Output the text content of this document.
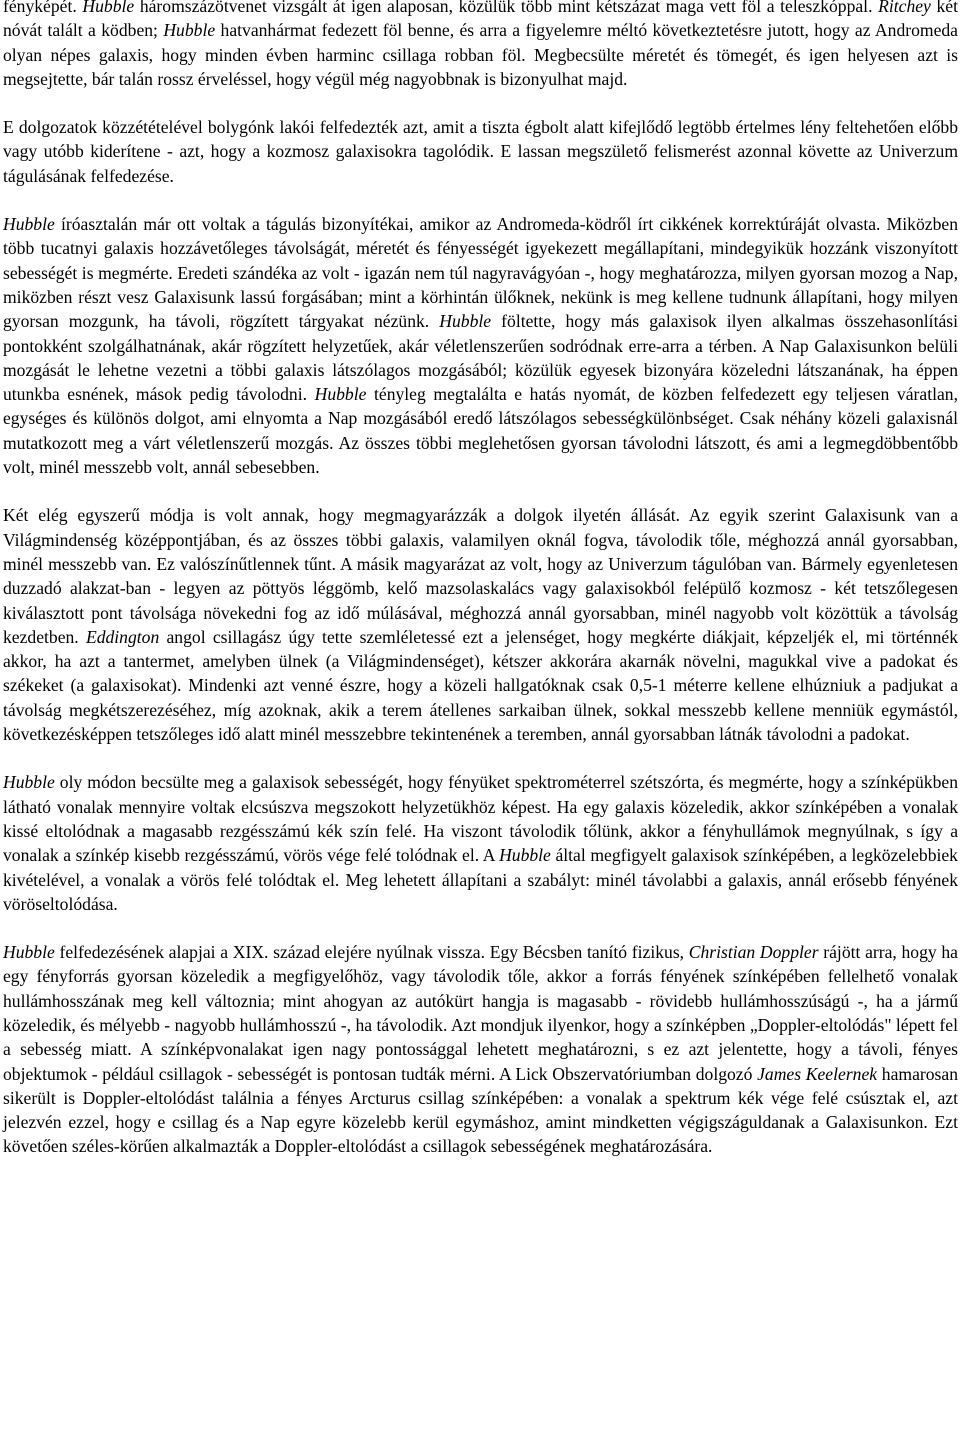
fényképét. Hubble háromszázötvenet vizsgált át igen alaposan, közülük több mint kétszázat maga vett föl a teleszkóppal. Ritchey két nóvát talált a ködben; Hubble hatvanhármat fedezett föl benne, és arra a figyelemre méltó következtetésre jutott, hogy az Andromeda olyan népes galaxis, hogy minden évben harminc csillaga robban föl. Megbecsülte méretét és tömegét, és igen helyesen azt is megsejtette, bár talán rossz érveléssel, hogy végül még nagyobbnak is bizonyulhat majd.

E dolgozatok közzétételével bolygónk lakói felfedezték azt, amit a tiszta égbolt alatt kifejlődő legtöbb értelmes lény feltehetően előbb vagy utóbb kiderítene - azt, hogy a kozmosz galaxisokra tagolódik. E lassan megszülető felismerést azonnal követte az Univerzum tágulásának felfedezése.

Hubble íróasztalán már ott voltak a tágulás bizonyítékai, amikor az Andromeda-ködről írt cikkének korrektúráját olvasta. Miközben több tucatnyi galaxis hozzávetőleges távolságát, méretét és fényességét igyekezett megállapítani, mindegyikük hozzánk viszonyított sebességét is megmérte. Eredeti szándéka az volt - igazán nem túl nagyravágyóan -, hogy meghatározza, milyen gyorsan mozog a Nap, miközben részt vesz Galaxisunk lassú forgásában; mint a körhintán ülőknek, nekünk is meg kellene tudnunk állapítani, hogy milyen gyorsan mozgunk, ha távoli, rögzített tárgyakat nézünk. Hubble föltette, hogy más galaxisok ilyen alkalmas összehasonlítási pontokként szolgálhatnának, akár rögzített helyzetűek, akár véletlenszerűen sodródnak erre-arra a térben. A Nap Galaxisunkon belüli mozgását le lehetne vezetni a többi galaxis látszólagos mozgásából; közülük egyesek bizonyára közeledni látszanának, ha éppen utunkba esnének, mások pedig távolodni. Hubble tényleg megtalálta e hatás nyomát, de közben felfedezett egy teljesen váratlan, egységes és különös dolgot, ami elnyomta a Nap mozgásából eredő látszólagos sebességkülönbséget. Csak néhány közeli galaxisnál mutatkozott meg a várt véletlenszerű mozgás. Az összes többi meglehetősen gyorsan távolodni látszott, és ami a legmegdöbbentőbb volt, minél messzebb volt, annál sebesebben.

Két elég egyszerű módja is volt annak, hogy megmagyarázzák a dolgok ilyetén állását. Az egyik szerint Galaxisunk van a Világmindenség középpontjában, és az összes többi galaxis, valamilyen oknál fogva, távolodik tőle, méghozzá annál gyorsabban, minél messzebb van. Ez valószínűtlennek tűnt. A másik magyarázat az volt, hogy az Univerzum tágulóban van. Bármely egyenletesen duzzadó alakzat-ban - legyen az pöttyös léggömb, kelő mazsolaskalács vagy galaxisokból felépülő kozmosz - két tetszőlegesen kiválasztott pont távolsága növekedni fog az idő múlásával, méghozzá annál gyorsabban, minél nagyobb volt közöttük a távolság kezdetben. Eddington angol csillagász úgy tette szemléletessé ezt a jelenséget, hogy megkérte diákjait, képzeljék el, mi történnék akkor, ha azt a tantermet, amelyben ülnek (a Világmindenséget), kétszer akkorára akarnák növelni, magukkal vive a padokat és székeket (a galaxisokat). Mindenki azt venné észre, hogy a közeli hallgatóknak csak 0,5-1 méterre kellene elhúzniuk a padjukat a távolság megkétszerezéséhez, míg azoknak, akik a terem átellenes sarkaiban ülnek, sokkal messzebb kellene menniük egymástól, következésképpen tetszőleges idő alatt minél messzebbre tekintenének a teremben, annál gyorsabban látnák távolodni a padokat.

Hubble oly módon becsülte meg a galaxisok sebességét, hogy fényüket spektrométerrel szétszórta, és megmérte, hogy a színképükben látható vonalak mennyire voltak elcsúszva megszokott helyzetükhöz képest. Ha egy galaxis közeledik, akkor színképében a vonalak kissé eltolódnak a magasabb rezgésszámú kék szín felé. Ha viszont távolodik tőlünk, akkor a fényhullámok megnyúlnak, s így a vonalak a színkép kisebb rezgésszámú, vörös vége felé tolódnak el. A Hubble által megfigyelt galaxisok színképében, a legközelebbiek kivételével, a vonalak a vörös felé tolódtak el. Meg lehetett állapítani a szabályt: minél távolabbi a galaxis, annál erősebb fényének vöröseltolódása.

Hubble felfedezésének alapjai a XIX. század elejére nyúlnak vissza. Egy Bécsben tanító fizikus, Christian Doppler rájött arra, hogy ha egy fényforrás gyorsan közeledik a megfigyelőhöz, vagy távolodik tőle, akkor a forrás fényének színképében fellelhető vonalak hullámhosszának meg kell változnia; mint ahogyan az autókürt hangja is magasabb - rövidebb hullámhosszúságú -, ha a jármű közeledik, és mélyebb - nagyobb hullámhosszú -, ha távolodik. Azt mondjuk ilyenkor, hogy a színképben „Doppler-eltolódás" lépett fel a sebesség miatt. A színképvonalakat igen nagy pontossággal lehetett meghatározni, s ez azt jelentette, hogy a távoli, fényes objektumok - például csillagok - sebességét is pontosan tudták mérni. A Lick Obszervatóriumban dolgozó James Keelernek hamarosan sikerült is Doppler-eltolódást találnia a fényes Arcturus csillag színképében: a vonalak a spektrum kék vége felé csúsztak el, azt jelezvén ezzel, hogy e csillag és a Nap egyre közelebb kerül egymáshoz, amint mindketten végigszáguldanak a Galaxisunkon. Ezt követően széles-körűen alkalmazták a Doppler-eltolódást a csillagok sebességének meghatározására.
